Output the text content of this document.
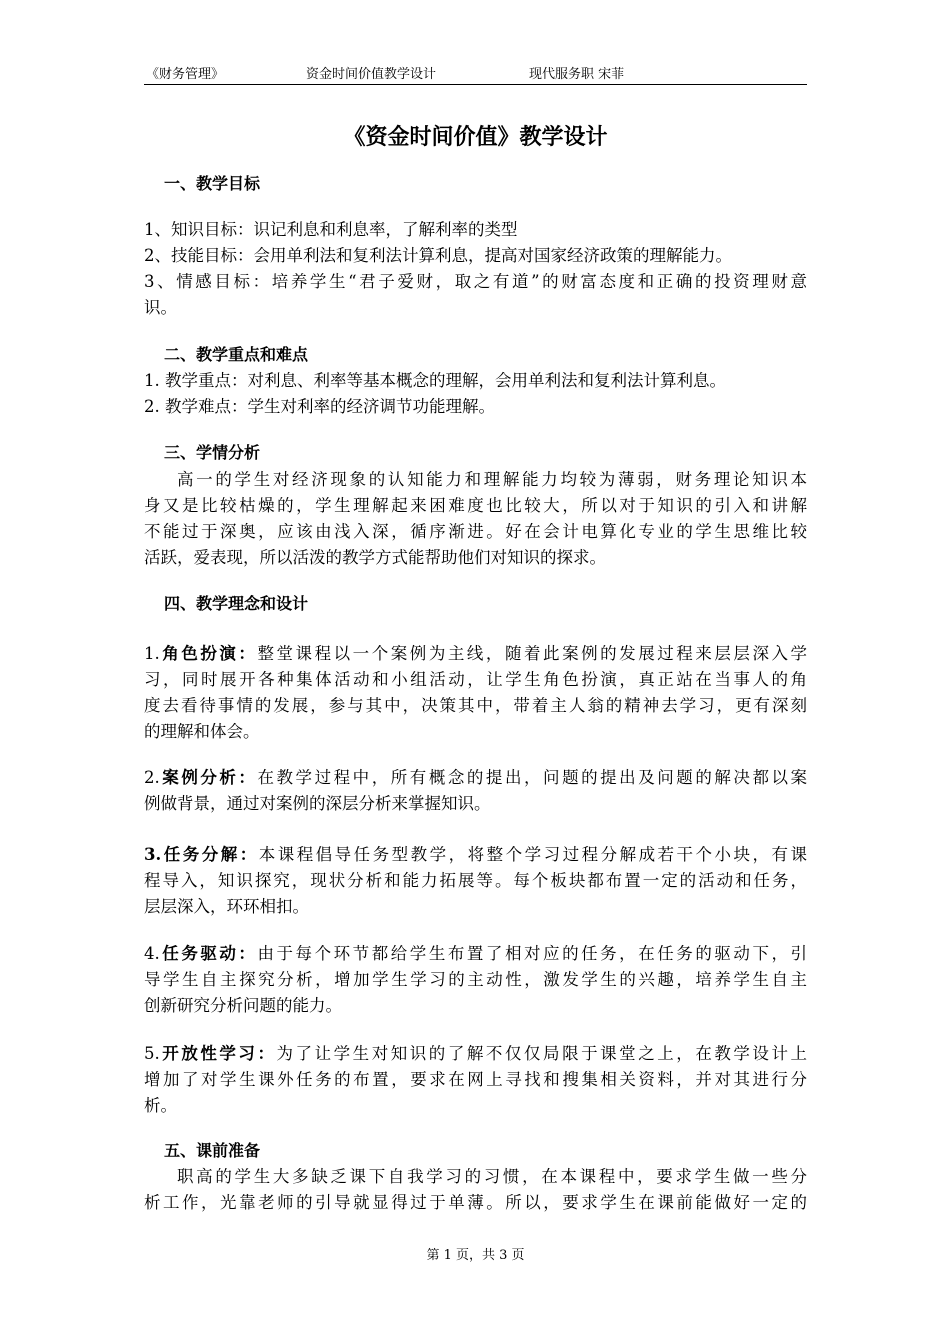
《财务管理》	资金时间价值教学设计	现代服务职 宋菲
《资金时间价值》教学设计
一、教学目标
1、知识目标：识记利息和利息率，了解利率的类型
2、技能目标：会用单利法和复利法计算利息，提高对国家经济政策的理解能力。
3、情感目标：培养学生“君子爱财，取之有道”的财富态度和正确的投资理财意
识。
二、教学重点和难点
1. 教学重点：对利息、利率等基本概念的理解，会用单利法和复利法计算利息。
2. 教学难点：学生对利率的经济调节功能理解。
三、学情分析
高一的学生对经济现象的认知能力和理解能力均较为薄弱，财务理论知识本
身又是比较枯燥的，学生理解起来困难度也比较大，所以对于知识的引入和讲解
不能过于深奥，应该由浅入深，循序渐进。好在会计电算化专业的学生思维比较
活跃，爱表现，所以活泼的教学方式能帮助他们对知识的探求。
四、教学理念和设计
1.角色扮演：整堂课程以一个案例为主线，随着此案例的发展过程来层层深入学
习，同时展开各种集体活动和小组活动，让学生角色扮演，真正站在当事人的角
度去看待事情的发展，参与其中，决策其中，带着主人翁的精神去学习，更有深刻
的理解和体会。
2.案例分析：在教学过程中，所有概念的提出，问题的提出及问题的解决都以案
例做背景，通过对案例的深层分析来掌握知识。
3.任务分解：本课程倡导任务型教学，将整个学习过程分解成若干个小块，有课
程导入，知识探究，现状分析和能力拓展等。每个板块都布置一定的活动和任务，
层层深入，环环相扣。
4.任务驱动：由于每个环节都给学生布置了相对应的任务，在任务的驱动下，引
导学生自主探究分析，增加学生学习的主动性，激发学生的兴趣，培养学生自主
创新研究分析问题的能力。
5.开放性学习：为了让学生对知识的了解不仅仅局限于课堂之上，在教学设计上
增加了对学生课外任务的布置，要求在网上寻找和搜集相关资料，并对其进行分
析。
五、课前准备
职高的学生大多缺乏课下自我学习的习惯，在本课程中，要求学生做一些分
析工作，光靠老师的引导就显得过于单薄。所以，要求学生在课前能做好一定的
第 1 页，共 3 页
